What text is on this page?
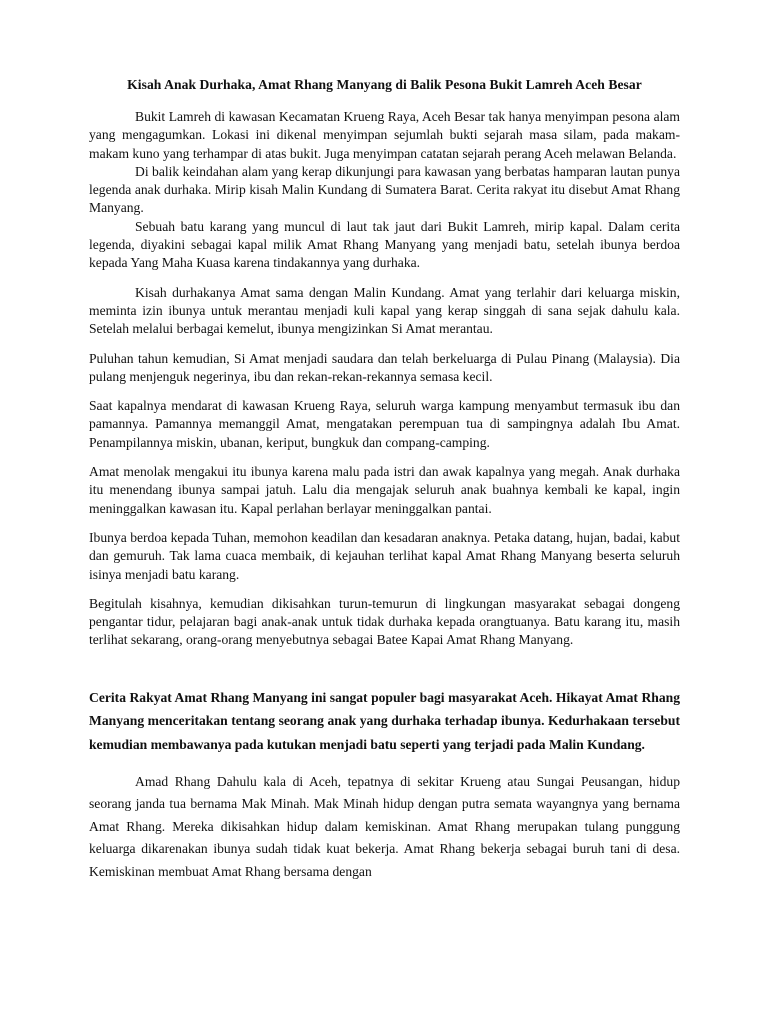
Kisah Anak Durhaka, Amat Rhang Manyang di Balik Pesona Bukit Lamreh Aceh Besar

Bukit Lamreh di kawasan Kecamatan Krueng Raya, Aceh Besar tak hanya menyimpan pesona alam yang mengagumkan. Lokasi ini dikenal menyimpan sejumlah bukti sejarah masa silam, pada makam-makam kuno yang terhampar di atas bukit. Juga menyimpan catatan sejarah perang Aceh melawan Belanda.

Di balik keindahan alam yang kerap dikunjungi para kawasan yang berbatas hamparan lautan punya legenda anak durhaka. Mirip kisah Malin Kundang di Sumatera Barat. Cerita rakyat itu disebut Amat Rhang Manyang.

Sebuah batu karang yang muncul di laut tak jaut dari Bukit Lamreh, mirip kapal. Dalam cerita legenda, diyakini sebagai kapal milik Amat Rhang Manyang yang menjadi batu, setelah ibunya berdoa kepada Yang Maha Kuasa karena tindakannya yang durhaka.

Kisah durhakanya Amat sama dengan Malin Kundang. Amat yang terlahir dari keluarga miskin, meminta izin ibunya untuk merantau menjadi kuli kapal yang kerap singgah di sana sejak dahulu kala. Setelah melalui berbagai kemelut, ibunya mengizinkan Si Amat merantau.

Puluhan tahun kemudian, Si Amat menjadi saudara dan telah berkeluarga di Pulau Pinang (Malaysia). Dia pulang menjenguk negerinya, ibu dan rekan-rekan-rekannya semasa kecil.

Saat kapalnya mendarat di kawasan Krueng Raya, seluruh warga kampung menyambut termasuk ibu dan pamannya. Pamannya memanggil Amat, mengatakan perempuan tua di sampingnya adalah Ibu Amat. Penampilannya miskin, ubanan, keriput, bungkuk dan compang-camping.

Amat menolak mengakui itu ibunya karena malu pada istri dan awak kapalnya yang megah. Anak durhaka itu menendang ibunya sampai jatuh. Lalu dia mengajak seluruh anak buahnya kembali ke kapal, ingin meninggalkan kawasan itu. Kapal perlahan berlayar meninggalkan pantai.

Ibunya berdoa kepada Tuhan, memohon keadilan dan kesadaran anaknya. Petaka datang, hujan, badai, kabut dan gemuruh. Tak lama cuaca membaik, di kejauhan terlihat kapal Amat Rhang Manyang beserta seluruh isinya menjadi batu karang.

Begitulah kisahnya, kemudian dikisahkan turun-temurun di lingkungan masyarakat sebagai dongeng pengantar tidur, pelajaran bagi anak-anak untuk tidak durhaka kepada orangtuanya. Batu karang itu, masih terlihat sekarang, orang-orang menyebutnya sebagai Batee Kapai Amat Rhang Manyang.

Cerita Rakyat Amat Rhang Manyang ini sangat populer bagi masyarakat Aceh. Hikayat Amat Rhang Manyang menceritakan tentang seorang anak yang durhaka terhadap ibunya. Kedurhakaan tersebut kemudian membawanya pada kutukan menjadi batu seperti yang terjadi pada Malin Kundang.

Amad Rhang Dahulu kala di Aceh, tepatnya di sekitar Krueng atau Sungai Peusangan, hidup seorang janda tua bernama Mak Minah. Mak Minah hidup dengan putra semata wayangnya yang bernama Amat Rhang. Mereka dikisahkan hidup dalam kemiskinan. Amat Rhang merupakan tulang punggung keluarga dikarenakan ibunya sudah tidak kuat bekerja. Amat Rhang bekerja sebagai buruh tani di desa. Kemiskinan membuat Amat Rhang bersama dengan
